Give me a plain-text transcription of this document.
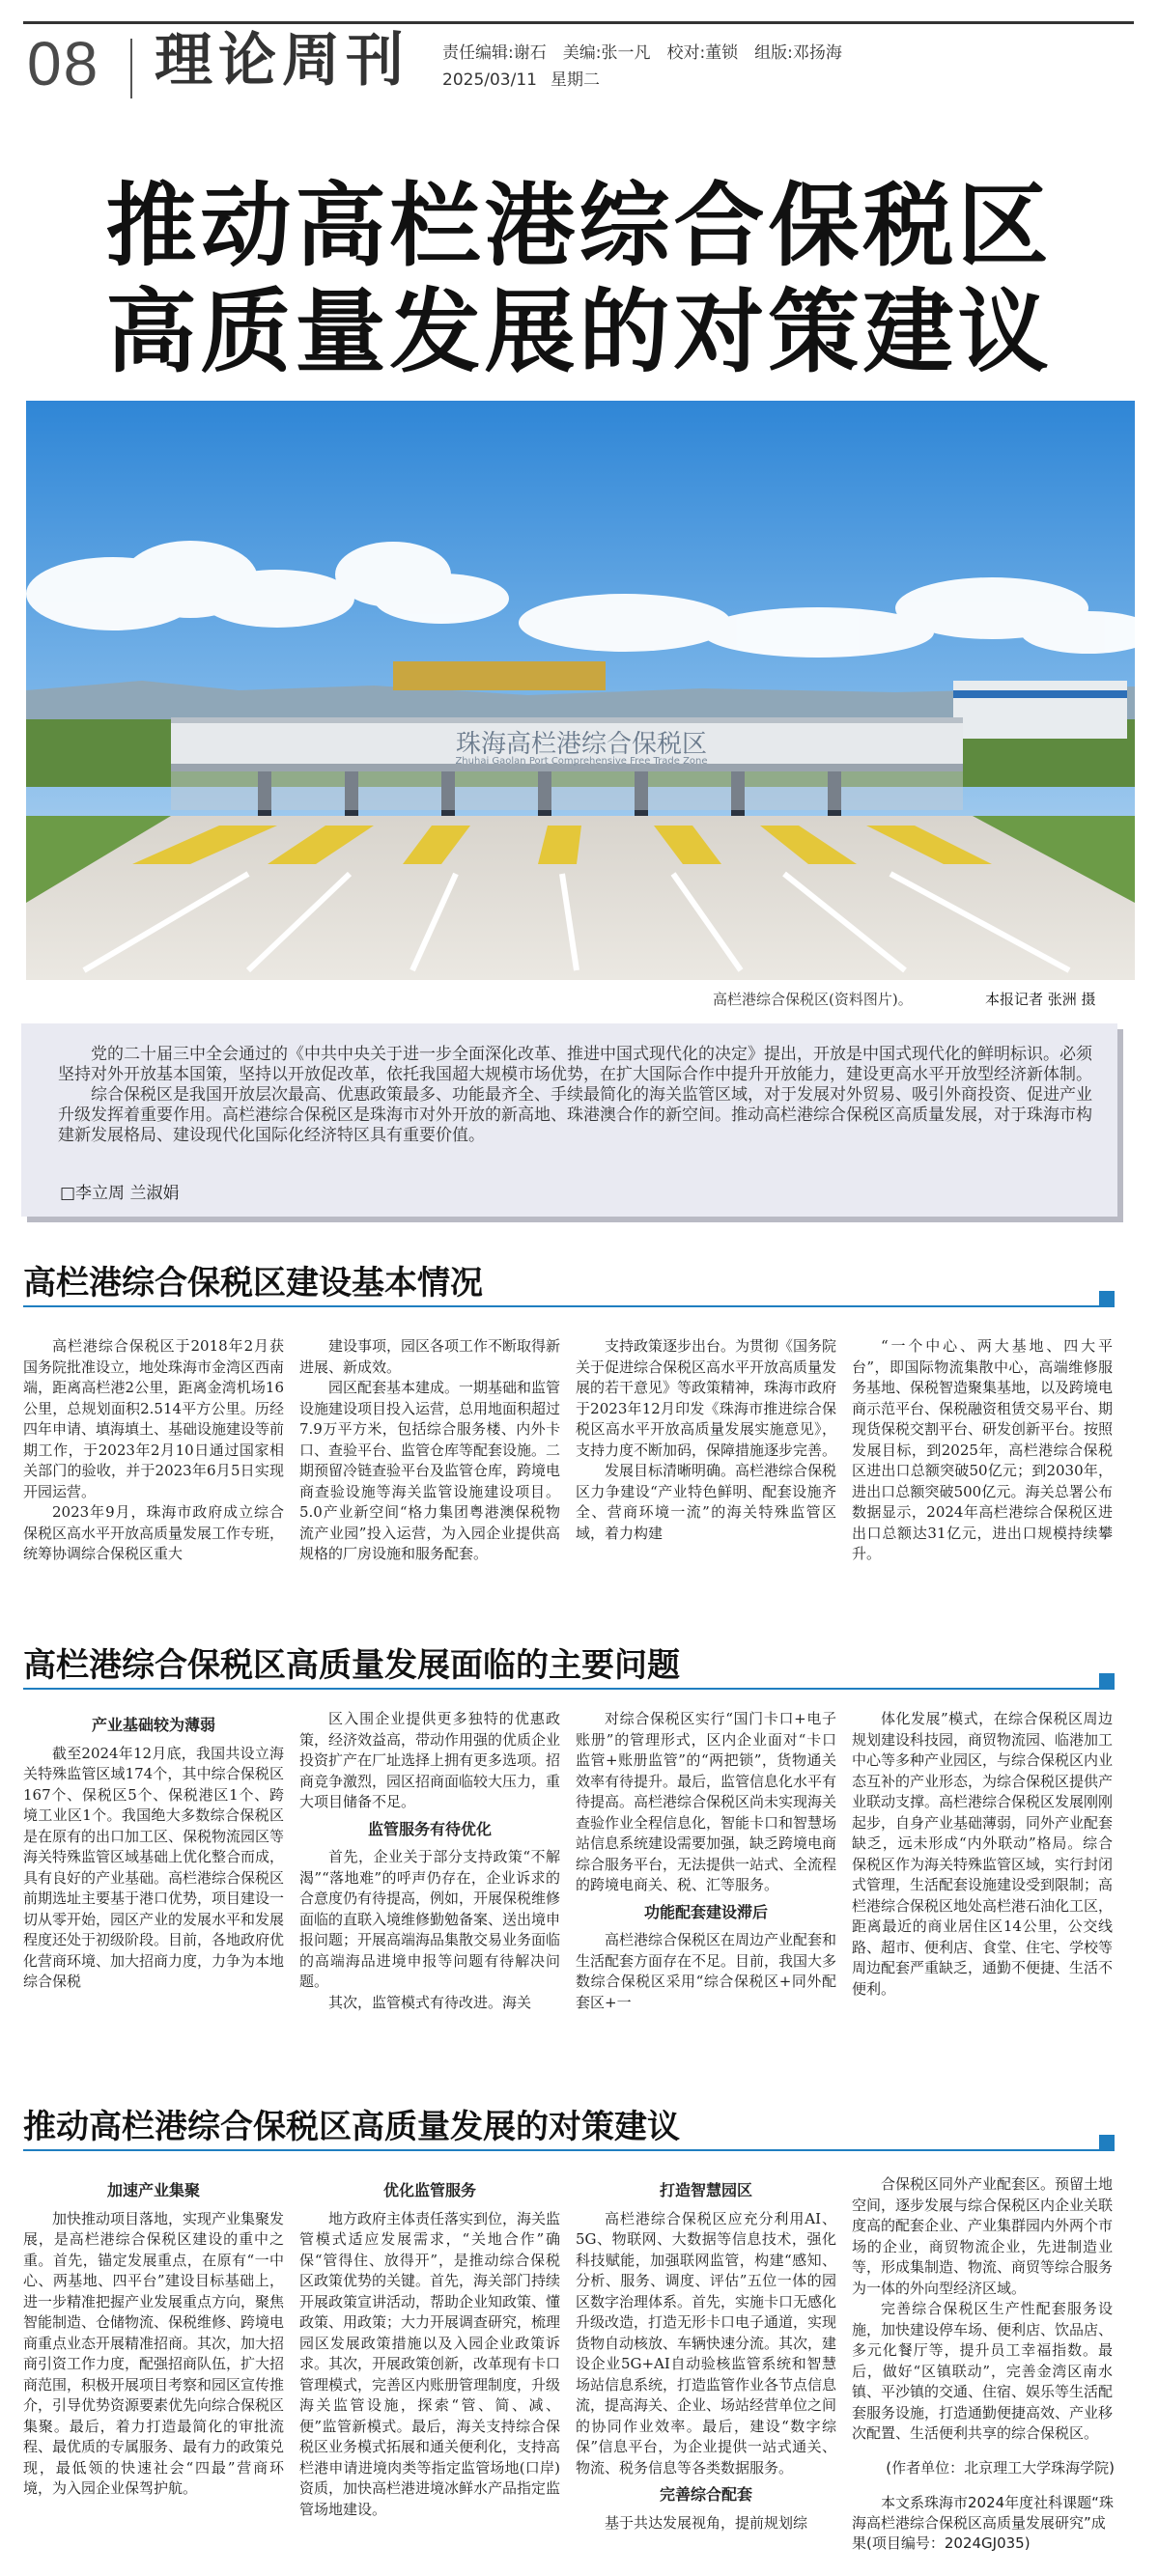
08 理论周刊 责任编辑:谢石　美编:张一凡　校对:董锁　组版:邓扬海
2025/03/11 星期二
推动高栏港综合保税区
高质量发展的对策建议
珠海高栏港综合保税区
Zhuhai Gaolan Port Comprehensive Free Trade Zone
高栏港综合保税区(资料图片)。	本报记者 张洲 摄

党的二十届三中全会通过的《中共中央关于进一步全面深化改革、推进中国式现代化的决定》提出，开放是中国式现代化的鲜明标识。必须坚持对外开放基本国策，坚持以开放促改革，依托我国超大规模市场优势，在扩大国际合作中提升开放能力，建设更高水平开放型经济新体制。

综合保税区是我国开放层次最高、优惠政策最多、功能最齐全、手续最简化的海关监管区域，对于发展对外贸易、吸引外商投资、促进产业升级发挥着重要作用。高栏港综合保税区是珠海市对外开放的新高地、珠港澳合作的新空间。推动高栏港综合保税区高质量发展，对于珠海市构建新发展格局、建设现代化国际化经济特区具有重要价值。

□李立周 兰淑娟
高栏港综合保税区建设基本情况

高栏港综合保税区于2018年2月获国务院批准设立，地处珠海市金湾区西南端，距离高栏港2公里，距离金湾机场16公里，总规划面积2.514平方公里。历经四年申请、填海填土、基础设施建设等前期工作，于2023年2月10日通过国家相关部门的验收，并于2023年6月5日实现开园运营。

2023年9月，珠海市政府成立综合保税区高水平开放高质量发展工作专班，统筹协调综合保税区重大

建设事项，园区各项工作不断取得新进展、新成效。

园区配套基本建成。一期基础和监管设施建设项目投入运营，总用地面积超过7.9万平方米，包括综合服务楼、内外卡口、查验平台、监管仓库等配套设施。二期预留冷链查验平台及监管仓库，跨境电商查验设施等海关监管设施建设项目。5.0产业新空间“格力集团粤港澳保税物流产业园”投入运营，为入园企业提供高规格的厂房设施和服务配套。

支持政策逐步出台。为贯彻《国务院关于促进综合保税区高水平开放高质量发展的若干意见》等政策精神，珠海市政府于2023年12月印发《珠海市推进综合保税区高水平开放高质量发展实施意见》，支持力度不断加码，保障措施逐步完善。

发展目标清晰明确。高栏港综合保税区力争建设“产业特色鲜明、配套设施齐全、营商环境一流”的海关特殊监管区域，着力构建

“一个中心、两大基地、四大平台”，即国际物流集散中心，高端维修服务基地、保税智造聚集基地，以及跨境电商示范平台、保税融资租赁交易平台、期现货保税交割平台、研发创新平台。按照发展目标，到2025年，高栏港综合保税区进出口总额突破50亿元；到2030年，进出口总额突破500亿元。海关总署公布数据显示，2024年高栏港综合保税区进出口总额达31亿元，进出口规模持续攀升。

高栏港综合保税区高质量发展面临的主要问题
产业基础较为薄弱

截至2024年12月底，我国共设立海关特殊监管区域174个，其中综合保税区167个、保税区5个、保税港区1个、跨境工业区1个。我国绝大多数综合保税区是在原有的出口加工区、保税物流园区等海关特殊监管区域基础上优化整合而成，具有良好的产业基础。高栏港综合保税区前期选址主要基于港口优势，项目建设一切从零开始，园区产业的发展水平和发展程度还处于初级阶段。目前，各地政府优化营商环境、加大招商力度，力争为本地综合保税

区入围企业提供更多独特的优惠政策，经济效益高，带动作用强的优质企业投资扩产在厂址选择上拥有更多选项。招商竞争激烈，园区招商面临较大压力，重大项目储备不足。

监管服务有待优化

首先，企业关于部分支持政策“不解渴”“落地难”的呼声仍存在，企业诉求的合意度仍有待提高，例如，开展保税维修面临的直联入境维修勤勉备案、送出境申报问题；开展高端海品集散交易业务面临的高端海品进境申报等问题有待解决问题。

其次，监管模式有待改进。海关

对综合保税区实行“国门卡口+电子账册”的管理形式，区内企业面对“卡口监管+账册监管”的“两把锁”，货物通关效率有待提升。最后，监管信息化水平有待提高。高栏港综合保税区尚未实现海关查验作业全程信息化，智能卡口和智慧场站信息系统建设需要加强，缺乏跨境电商综合服务平台，无法提供一站式、全流程的跨境电商关、税、汇等服务。

功能配套建设滞后

高栏港综合保税区在周边产业配套和生活配套方面存在不足。目前，我国大多数综合保税区采用“综合保税区+同外配套区+一

体化发展”模式，在综合保税区周边规划建设科技园，商贸物流园、临港加工中心等多种产业园区，与综合保税区内业态互补的产业形态，为综合保税区提供产业联动支撑。高栏港综合保税区发展刚刚起步，自身产业基础薄弱，同外产业配套缺乏，远未形成“内外联动”格局。综合保税区作为海关特殊监管区域，实行封闭式管理，生活配套设施建设受到限制；高栏港综合保税区地处高栏港石油化工区，距离最近的商业居住区14公里，公交线路、超市、便利店、食堂、住宅、学校等周边配套严重缺乏，通勤不便捷、生活不便利。

推动高栏港综合保税区高质量发展的对策建议
加速产业集聚

加快推动项目落地，实现产业集聚发展，是高栏港综合保税区建设的重中之重。首先，锚定发展重点，在原有“一中心、两基地、四平台”建设目标基础上，进一步精准把握产业发展重点方向，聚焦智能制造、仓储物流、保税维修、跨境电商重点业态开展精准招商。其次，加大招商引资工作力度，配强招商队伍，扩大招商范围，积极开展项目考察和园区宣传推介，引导优势资源要素优先向综合保税区集聚。最后，着力打造最简化的审批流程、最优质的专属服务、最有力的政策兑现，最低领的快速社会“四最”营商环境，为入园企业保驾护航。

优化监管服务

地方政府主体责任落实到位，海关监管模式适应发展需求，“关地合作”确保“管得住、放得开”，是推动综合保税区政策优势的关键。首先，海关部门持续开展政策宣讲活动，帮助企业知政策、懂政策、用政策；大力开展调查研究，梳理园区发展政策措施以及入园企业政策诉求。其次，开展政策创新，改革现有卡口管理模式，完善区内账册管理制度，升级海关监管设施，探索“管、简、减、便”监管新模式。最后，海关支持综合保税区业务模式拓展和通关便利化，支持高栏港申请进境肉类等指定监管场地(口岸)资质，加快高栏港进境冰鲜水产品指定监管场地建设。

打造智慧园区

高栏港综合保税区应充分利用AI、5G、物联网、大数据等信息技术，强化科技赋能，加强联网监管，构建“感知、分析、服务、调度、评估”五位一体的园区数字治理体系。首先，实施卡口无感化升级改造，打造无形卡口电子通道，实现货物自动核放、车辆快速分流。其次，建设企业5G+AI自动验核监管系统和智慧场站信息系统，打造监管作业各节点信息流，提高海关、企业、场站经营单位之间的协同作业效率。最后，建设“数字综保”信息平台，为企业提供一站式通关、物流、税务信息等各类数据服务。

完善综合配套

基于共达发展视角，提前规划综

合保税区同外产业配套区。预留土地空间，逐步发展与综合保税区内企业关联度高的配套企业、产业集群园内外两个市场的企业，商贸物流企业，先进制造业等，形成集制造、物流、商贸等综合服务为一体的外向型经济区域。

完善综合保税区生产性配套服务设施，加快建设停车场、便利店、饮品店、多元化餐厅等，提升员工幸福指数。最后，做好“区镇联动”，完善金湾区南水镇、平沙镇的交通、住宿、娱乐等生活配套服务设施，打造通勤便捷高效、产业移次配置、生活便利共享的综合保税区。

(作者单位：北京理工大学珠海学院)
本文系珠海市2024年度社科课题“珠海高栏港综合保税区高质量发展研究”成果(项目编号：2024GJ035)
